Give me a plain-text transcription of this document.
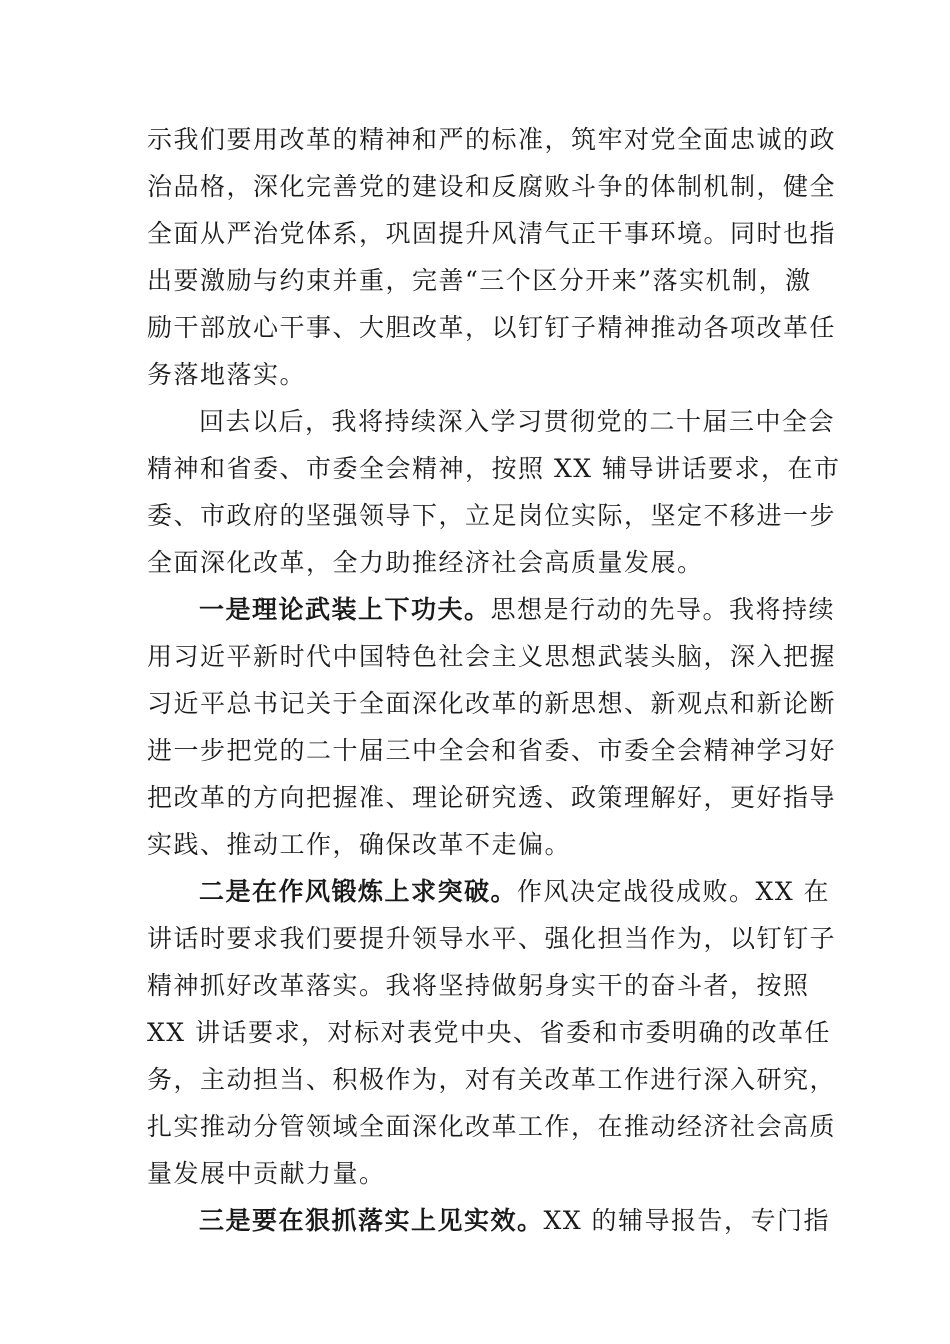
示我们要用改革的精神和严的标准，筑牢对党全面忠诚的政
治品格，深化完善党的建设和反腐败斗争的体制机制，健全
全面从严治党体系，巩固提升风清气正干事环境。同时也指
出要激励与约束并重，完善“三个区分开来”落实机制，激
励干部放心干事、大胆改革，以钉钉子精神推动各项改革任
务落地落实。
回去以后，我将持续深入学习贯彻党的二十届三中全会
精神和省委、市委全会精神，按照 XX 辅导讲话要求，在市
委、市政府的坚强领导下，立足岗位实际，坚定不移进一步
全面深化改革，全力助推经济社会高质量发展。
一是理论武装上下功夫。思想是行动的先导。我将持续
用习近平新时代中国特色社会主义思想武装头脑，深入把握
习近平总书记关于全面深化改革的新思想、新观点和新论断
进一步把党的二十届三中全会和省委、市委全会精神学习好
把改革的方向把握准、理论研究透、政策理解好，更好指导
实践、推动工作，确保改革不走偏。
二是在作风锻炼上求突破。作风决定战役成败。XX 在
讲话时要求我们要提升领导水平、强化担当作为，以钉钉子
精神抓好改革落实。我将坚持做躬身实干的奋斗者，按照
XX 讲话要求，对标对表党中央、省委和市委明确的改革任
务，主动担当、积极作为，对有关改革工作进行深入研究，
扎实推动分管领域全面深化改革工作，在推动经济社会高质
量发展中贡献力量。
三是要在狠抓落实上见实效。XX 的辅导报告，专门指
